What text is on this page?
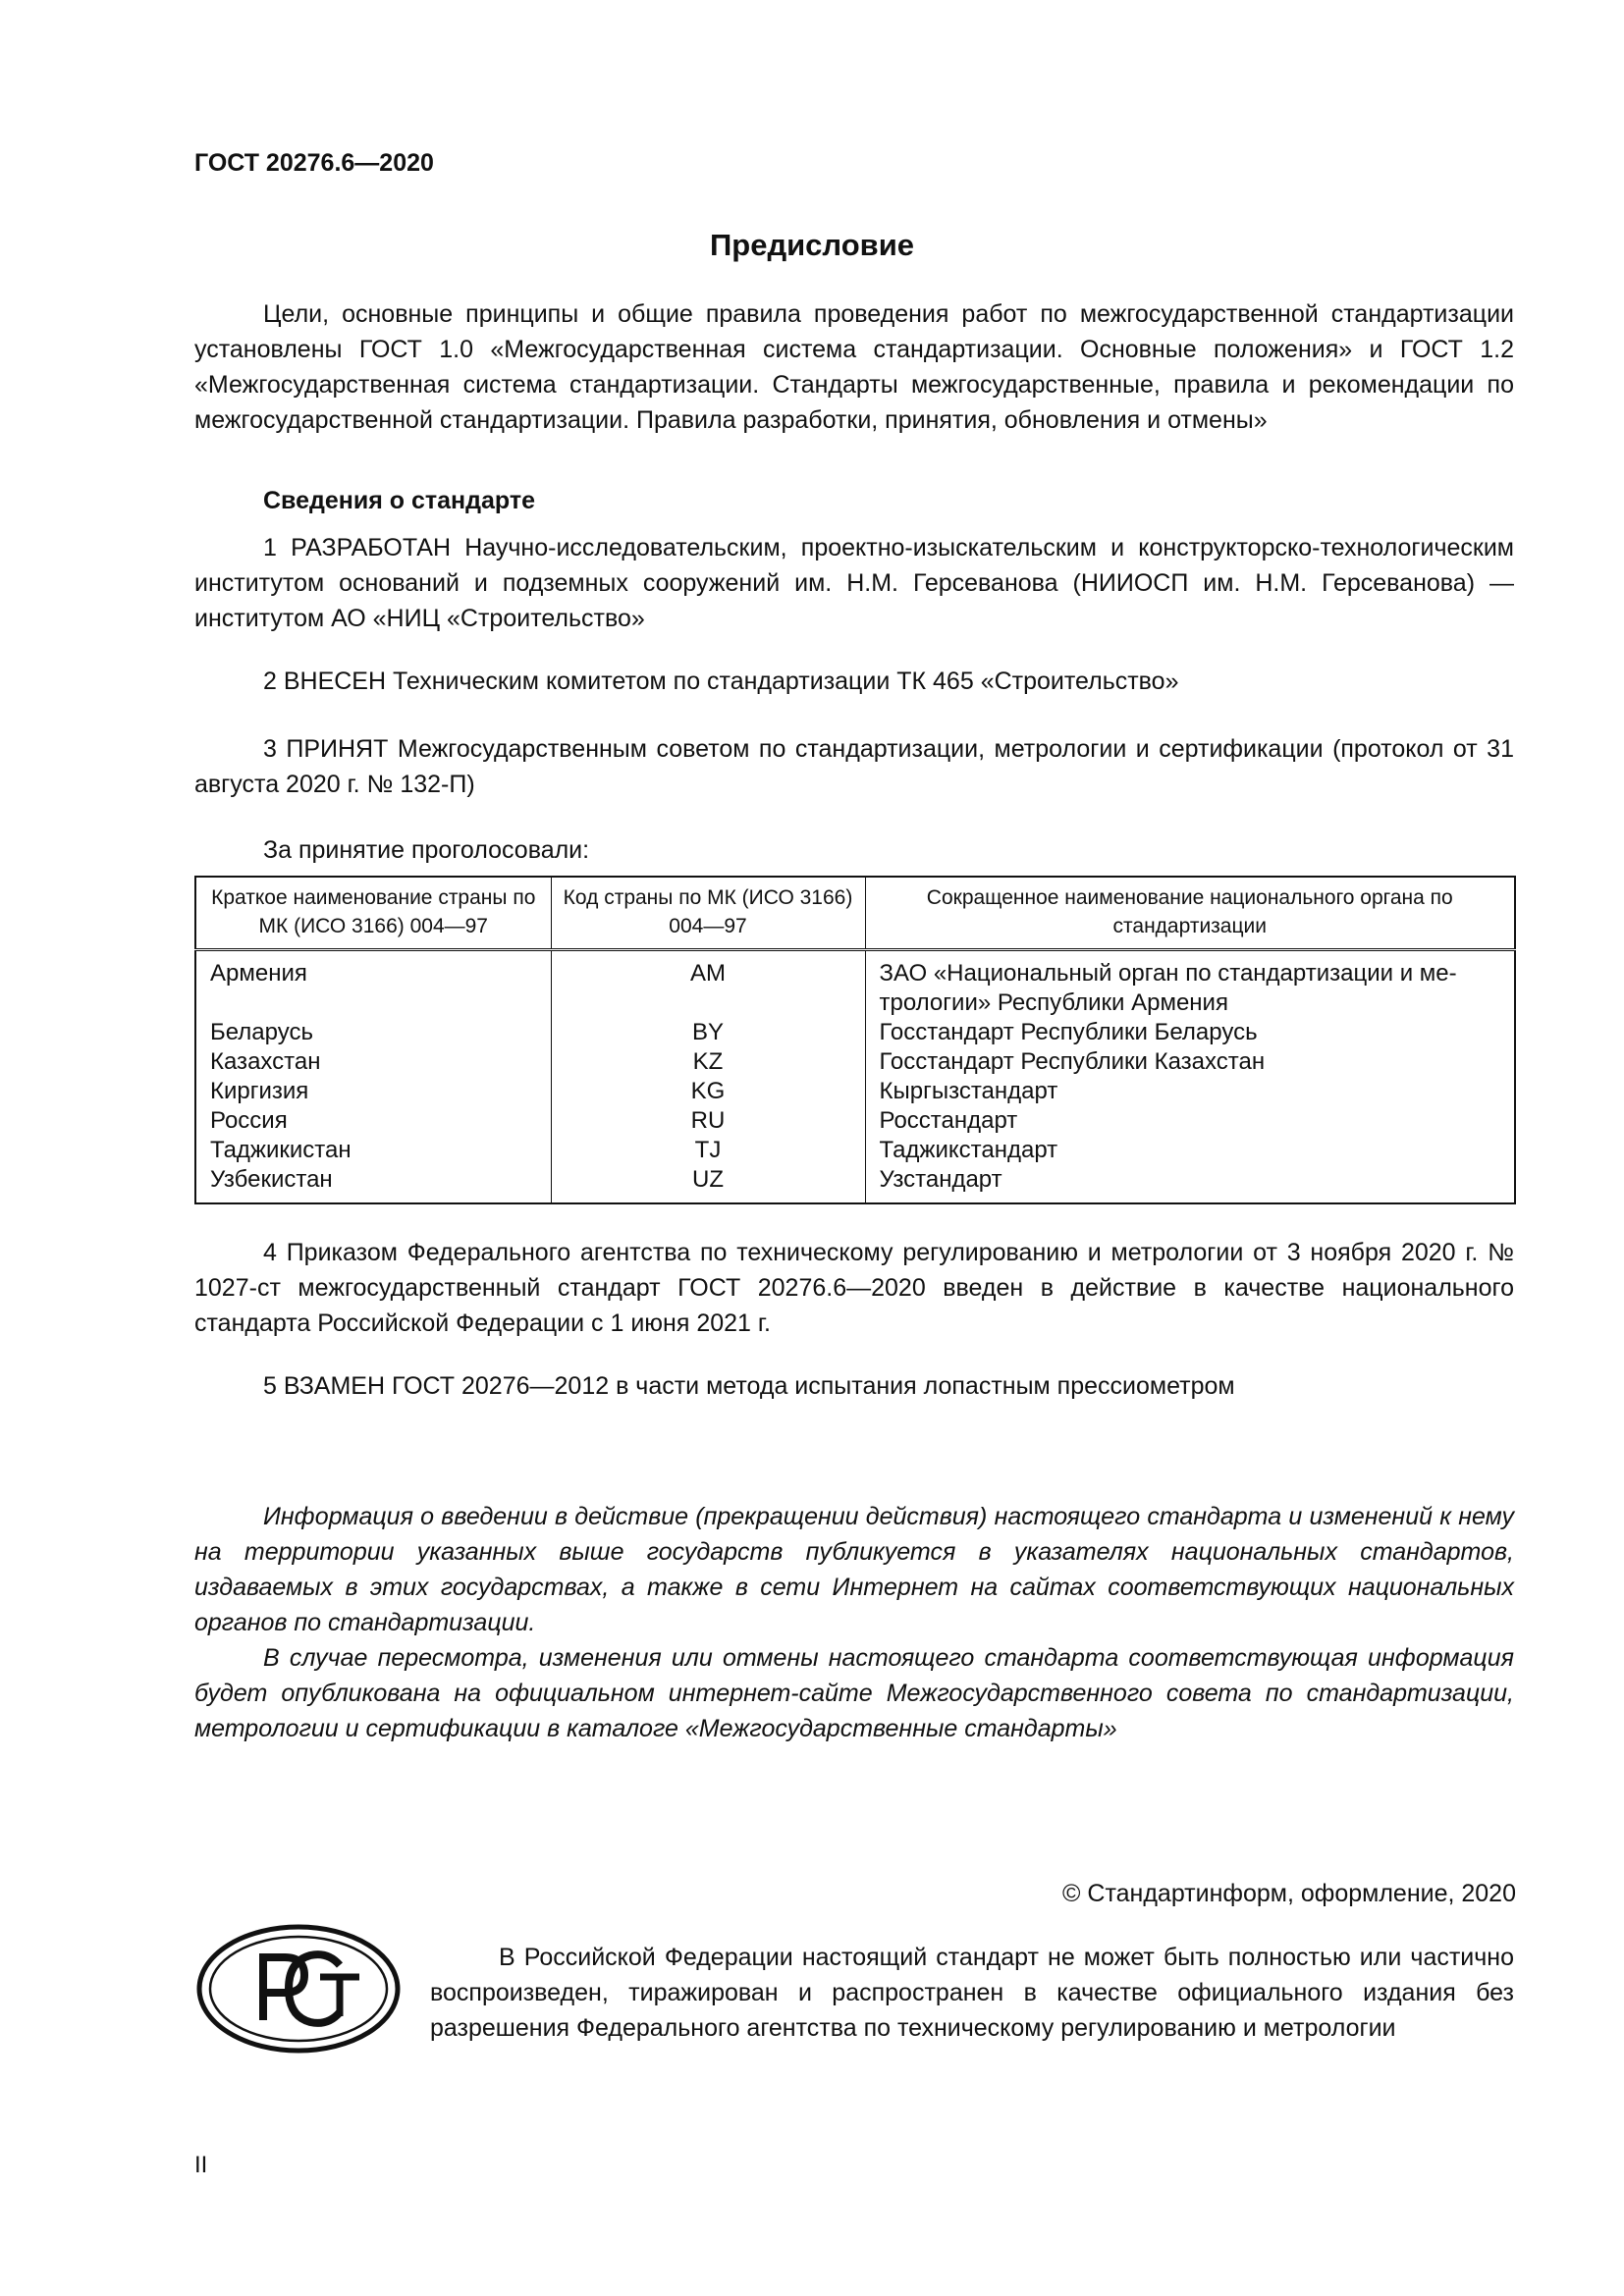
ГОСТ 20276.6—2020
Предисловие
Цели, основные принципы и общие правила проведения работ по межгосударственной стандартизации установлены ГОСТ 1.0 «Межгосударственная система стандартизации. Основные положения» и ГОСТ 1.2 «Межгосударственная система стандартизации. Стандарты межгосударственные, правила и рекомендации по межгосударственной стандартизации. Правила разработки, принятия, обновления и отмены»
Сведения о стандарте
1 РАЗРАБОТАН Научно-исследовательским, проектно-изыскательским и конструкторско-технологическим институтом оснований и подземных сооружений им. Н.М. Герсеванова (НИИОСП им. Н.М. Герсеванова) — институтом АО «НИЦ «Строительство»
2 ВНЕСЕН Техническим комитетом по стандартизации ТК 465 «Строительство»
3 ПРИНЯТ Межгосударственным советом по стандартизации, метрологии и сертификации (протокол от 31 августа 2020 г. № 132-П)
За принятие проголосовали:
Краткое наименование страны по МК (ИСО 3166) 004—97	Код страны по МК (ИСО 3166) 004—97	Сокращенное наименование национального органа по стандартизации
Армения	AM	ЗАО «Национальный орган по стандартизации и метрологии» Республики Армения
Беларусь	BY	Госстандарт Республики Беларусь
Казахстан	KZ	Госстандарт Республики Казахстан
Киргизия	KG	Кыргызстандарт
Россия	RU	Росстандарт
Таджикистан	TJ	Таджикстандарт
Узбекистан	UZ	Узстандарт
4 Приказом Федерального агентства по техническому регулированию и метрологии от 3 ноября 2020 г. № 1027-ст межгосударственный стандарт ГОСТ 20276.6—2020 введен в действие в качестве национального стандарта Российской Федерации с 1 июня 2021 г.
5 ВЗАМЕН ГОСТ 20276—2012 в части метода испытания лопастным прессиометром
Информация о введении в действие (прекращении действия) настоящего стандарта и изменений к нему на территории указанных выше государств публикуется в указателях национальных стандартов, издаваемых в этих государствах, а также в сети Интернет на сайтах соответствующих национальных органов по стандартизации.
В случае пересмотра, изменения или отмены настоящего стандарта соответствующая информация будет опубликована на официальном интернет-сайте Межгосударственного совета по стандартизации, метрологии и сертификации в каталоге «Межгосударственные стандарты»
© Стандартинформ, оформление, 2020
В Российской Федерации настоящий стандарт не может быть полностью или частично воспроизведен, тиражирован и распространен в качестве официального издания без разрешения Федерального агентства по техническому регулированию и метрологии
II
